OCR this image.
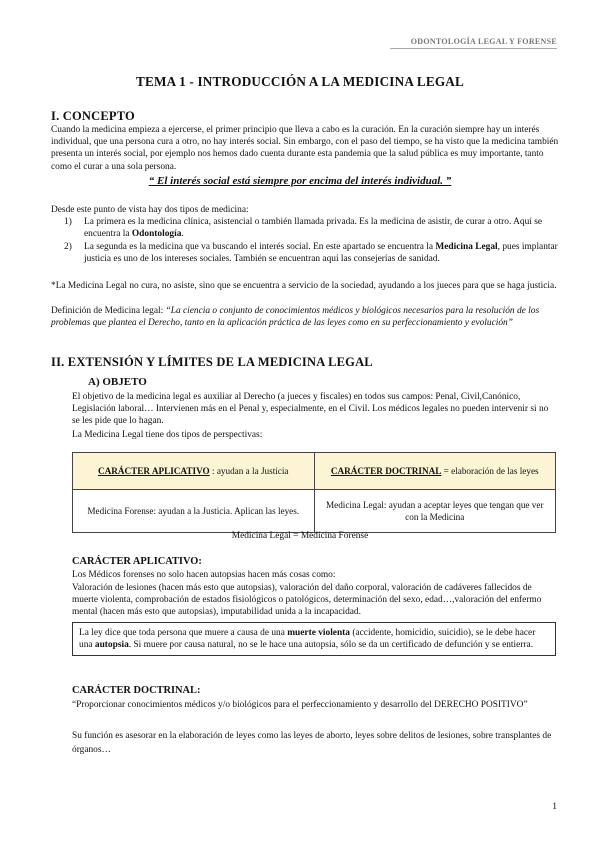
ODONTOLOGÍA LEGAL Y FORENSE
TEMA 1 - INTRODUCCIÓN A LA MEDICINA LEGAL
I. CONCEPTO

Cuando la medicina empieza a ejercerse, el primer principio que lleva a cabo es la curación. En la curación siempre hay un interés individual, que una persona cura a otro, no hay interés social. Sin embargo, con el paso del tiempo, se ha visto que la medicina también presenta un interés social, por ejemplo nos hemos dado cuenta durante esta pandemia que la salud pública es muy importante, tanto como el curar a una sola persona.

“ El interés social está siempre por encima del interés individual. ”

Desde este punto de vista hay dos tipos de medicina:

1) La primera es la medicina clínica, asistencial o también llamada privada. Es la medicina de asistir, de curar a otro. Aquí se encuentra la Odontología.
2) La segunda es la medicina que va buscando el interés social. En este apartado se encuentra la Medicina Legal, pues implantar justicia es uno de los intereses sociales. También se encuentran aquí las consejerías de sanidad.

*La Medicina Legal no cura, no asiste, sino que se encuentra a servicio de la sociedad, ayudando a los jueces para que se haga justicia.

Definición de Medicina legal: “La ciencia o conjunto de conocimientos médicos y biológicos necesarios para la resolución de los problemas que plantea el Derecho, tanto en la aplicación práctica de las leyes como en su perfeccionamiento y evolución”

II. EXTENSIÓN Y LÍMITES DE LA MEDICINA LEGAL
A) OBJETO

El objetivo de la medicina legal es auxiliar al Derecho (a jueces y fiscales) en todos sus campos: Penal, Civil,Canónico, Legislación laboral… Intervienen más en el Penal y, especialmente, en el Civil. Los médicos legales no pueden intervenir si no se les pide que lo hagan.

La Medicina Legal tiene dos tipos de perspectivas:

CARÁCTER APLICATIVO : ayudan a la Justicia	CARÁCTER DOCTRINAL = elaboración de las leyes
Medicina Forense: ayudan a la Justicia. Aplican las leyes.	Medicina Legal: ayudan a aceptar leyes que tengan que ver con la Medicina
Medicina Legal = Medicina Forense
CARÁCTER APLICATIVO:

Los Médicos forenses no solo hacen autopsias hacen más cosas como:

Valoración de lesiones (hacen más esto que autopsias), valoración del daño corporal, valoración de cadáveres fallecidos de muerte violenta, comprobación de estados fisiológicos o patológicos, determinación del sexo, edad…,valoración del enfermo mental (hacen más esto que autopsias), imputabilidad unida a la incapacidad.

La ley dice que toda persona que muere a causa de una muerte violenta (accidente, homicidio, suicidio), se le debe hacer una autopsia. Si muere por causa natural, no se le hace una autopsia, sólo se da un certificado de defunción y se entierra.
CARÁCTER DOCTRINAL:

“Proporcionar conocimientos médicos y/o biológicos para el perfeccionamiento y desarrollo del DERECHO POSITIVO”

Su función es asesorar en la elaboración de leyes como las leyes de aborto, leyes sobre delitos de lesiones, sobre transplantes de órganos…

1
